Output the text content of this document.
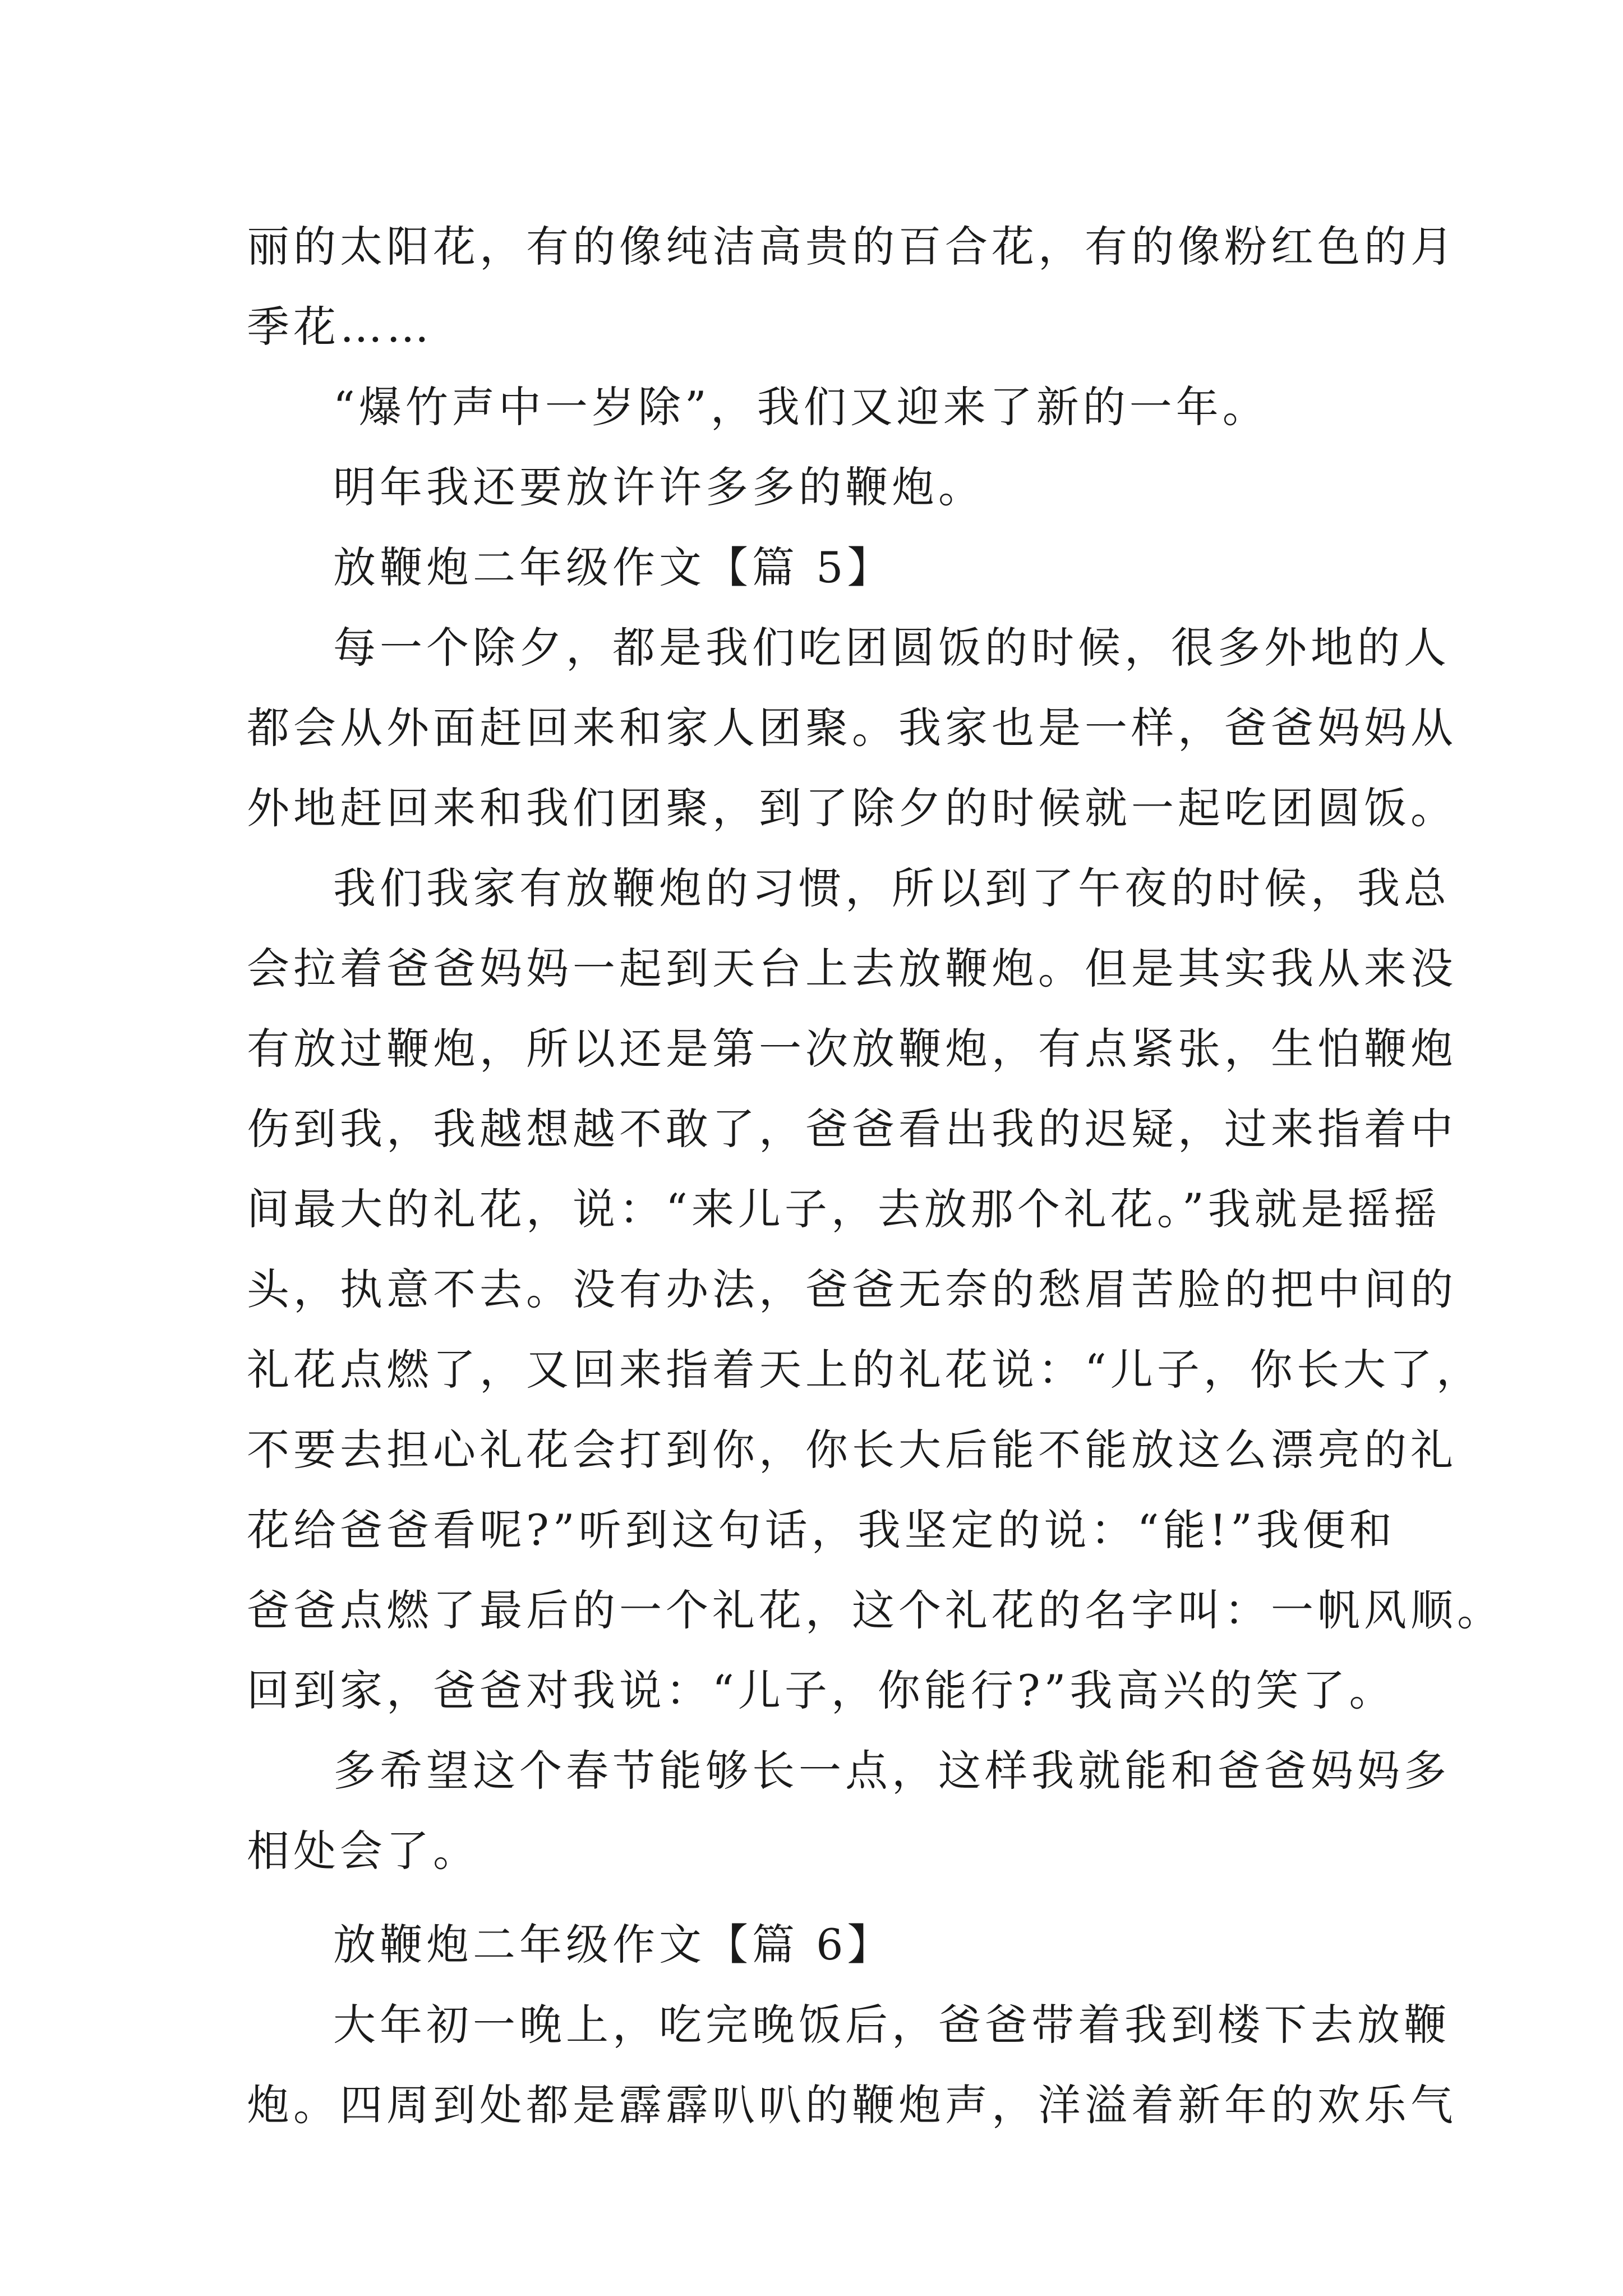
丽的太阳花，有的像纯洁高贵的百合花，有的像粉红色的月
季花……
“爆竹声中一岁除”，我们又迎来了新的一年。
明年我还要放许许多多的鞭炮。
放鞭炮二年级作文【篇 5】
每一个除夕，都是我们吃团圆饭的时候，很多外地的人
都会从外面赶回来和家人团聚。我家也是一样，爸爸妈妈从
外地赶回来和我们团聚，到了除夕的时候就一起吃团圆饭。
我们我家有放鞭炮的习惯，所以到了午夜的时候，我总
会拉着爸爸妈妈一起到天台上去放鞭炮。但是其实我从来没
有放过鞭炮，所以还是第一次放鞭炮，有点紧张，生怕鞭炮
伤到我，我越想越不敢了，爸爸看出我的迟疑，过来指着中
间最大的礼花，说：“来儿子，去放那个礼花。”我就是摇摇
头，执意不去。没有办法，爸爸无奈的愁眉苦脸的把中间的
礼花点燃了，又回来指着天上的礼花说：“儿子，你长大了，
不要去担心礼花会打到你，你长大后能不能放这么漂亮的礼
花给爸爸看呢?”听到这句话，我坚定的说：“能!”我便和
爸爸点燃了最后的一个礼花，这个礼花的名字叫：一帆风顺。
回到家，爸爸对我说：“儿子，你能行?”我高兴的笑了。
多希望这个春节能够长一点，这样我就能和爸爸妈妈多
相处会了。
放鞭炮二年级作文【篇 6】
大年初一晚上，吃完晚饭后，爸爸带着我到楼下去放鞭
炮。四周到处都是霹霹叭叭的鞭炮声，洋溢着新年的欢乐气
